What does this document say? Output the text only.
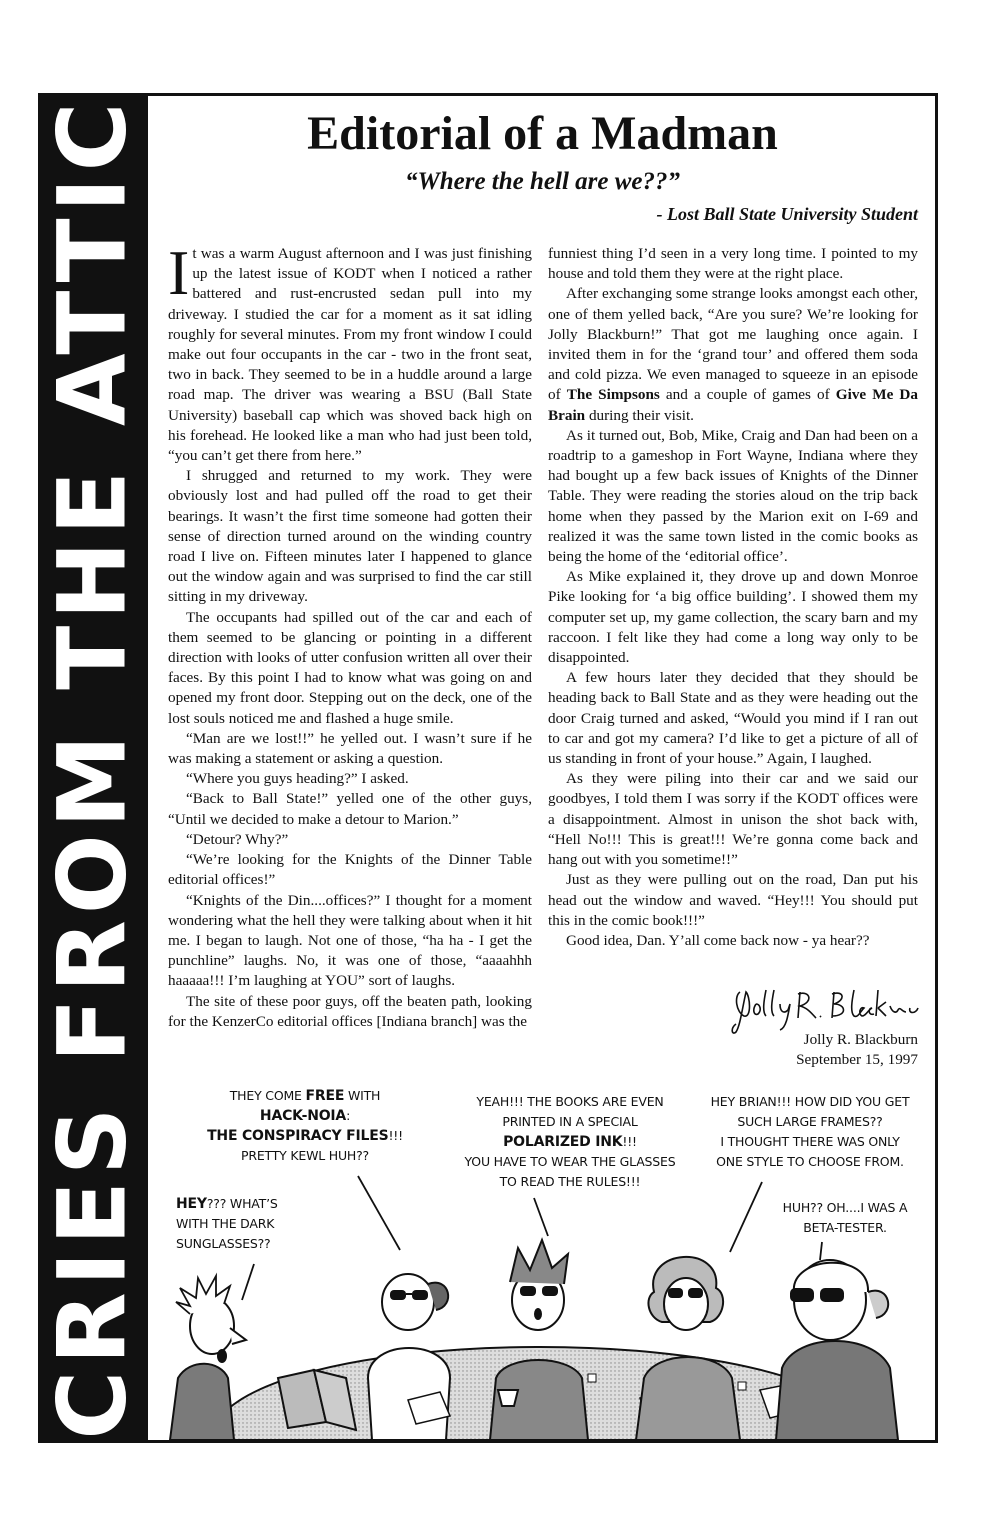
CRIES FROM THE ATTIC	Editorial of a Madman
“Where the hell are we??”
- Lost Ball State University Student

It was a warm August afternoon and I was just finishing up the latest issue of KODT when I noticed a rather battered and rust-encrusted sedan pull into my driveway. I studied the car for a moment as it sat idling roughly for several minutes. From my front window I could make out four occupants in the car - two in the front seat, two in back. They seemed to be in a huddle around a large road map. The driver was wearing a BSU (Ball State University) baseball cap which was shoved back high on his forehead. He looked like a man who had just been told, “you can’t get there from here.”

I shrugged and returned to my work. They were obviously lost and had pulled off the road to get their bearings. It wasn’t the first time someone had gotten their sense of direction turned around on the winding country road I live on. Fifteen minutes later I happened to glance out the window again and was surprised to find the car still sitting in my driveway.

The occupants had spilled out of the car and each of them seemed to be glancing or pointing in a different direction with looks of utter confusion written all over their faces. By this point I had to know what was going on and opened my front door. Stepping out on the deck, one of the lost souls noticed me and flashed a huge smile.

“Man are we lost!!” he yelled out. I wasn’t sure if he was making a statement or asking a question.

“Where you guys heading?” I asked.

“Back to Ball State!” yelled one of the other guys, “Until we decided to make a detour to Marion.”

“Detour? Why?”

“We’re looking for the Knights of the Dinner Table editorial offices!”

“Knights of the Din....offices?” I thought for a moment wondering what the hell they were talking about when it hit me. I began to laugh. Not one of those, “ha ha - I get the punchline” laughs. No, it was one of those, “aaaahhh haaaaa!!! I’m laughing at YOU” sort of laughs.

The site of these poor guys, off the beaten path, looking for the KenzerCo editorial offices [Indiana branch] was the

funniest thing I’d seen in a very long time. I pointed to my house and told them they were at the right place.

After exchanging some strange looks amongst each other, one of them yelled back, “Are you sure? We’re looking for Jolly Blackburn!” That got me laughing once again. I invited them in for the ‘grand tour’ and offered them soda and cold pizza. We even managed to squeeze in an episode of The Simpsons and a couple of games of Give Me Da Brain during their visit.

As it turned out, Bob, Mike, Craig and Dan had been on a roadtrip to a gameshop in Fort Wayne, Indiana where they had bought up a few back issues of Knights of the Dinner Table. They were reading the stories aloud on the trip back home when they passed by the Marion exit on I-69 and realized it was the same town listed in the comic books as being the home of the ‘editorial office’.

As Mike explained it, they drove up and down Monroe Pike looking for ‘a big office building’. I showed them my computer set up, my game collection, the scary barn and my raccoon. I felt like they had come a long way only to be disappointed.

A few hours later they decided that they should be heading back to Ball State and as they were heading out the door Craig turned and asked, “Would you mind if I ran out to car and got my camera? I’d like to get a picture of all of us standing in front of your house.” Again, I laughed.

As they were piling into their car and we said our goodbyes, I told them I was sorry if the KODT offices were a disappointment. Almost in unison the shot back with, “Hell No!!! This is great!!! We’re gonna come back and hang out with you sometime!!”

Just as they were pulling out on the road, Dan put his head out the window and waved. “Hey!!! You should put this in the comic book!!!”

Good idea, Dan. Y’all come back now - ya hear??

Jolly R. Blackburn
September 15, 1997
THEY COME FREE WITH
HACK-NOIA:
THE CONSPIRACY FILES!!!
PRETTY KEWL HUH??
HEY??? WHAT’S
WITH THE DARK
SUNGLASSES??
YEAH!!! THE BOOKS ARE EVEN
PRINTED IN A SPECIAL
POLARIZED INK!!!
YOU HAVE TO WEAR THE GLASSES
TO READ THE RULES!!!
HEY BRIAN!!! HOW DID YOU GET
SUCH LARGE FRAMES??
I THOUGHT THERE WAS ONLY
ONE STYLE TO CHOOSE FROM.
HUH?? OH....I WAS A
BETA-TESTER.
